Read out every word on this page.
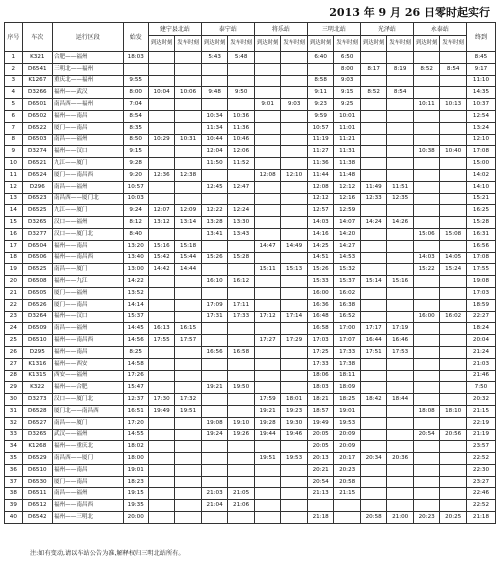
2013 年 9 月 26 日零时起实行
序号	车次	运行区段	始发	建宁县北站		泰宁站		将乐站		三明北站		光泽站		永泰站		终到
				到达时刻	发车时刻	到达时刻	发车时刻	到达时刻	发车时刻	到达时刻	发车时刻	到达时刻	发车时刻	到达时刻	发车时刻	
1	K321	合肥——福州	18:03			5:43	5:48			6:40	6:50					8:45
2	D6541	三明北——福州									8:00	8:17	8:19	8:52	8:54	9:17
3	K1267	重庆北——福州	9:55							8:58	9:03					11:10
4	D3266	福州——武汉	8:00	10:04	10:06	9:48	9:50			9:11	9:15	8:52	8:54			14:35
5	D6501	南昌西——福州	7:04					9:01	9:03	9:23	9:25			10:11	10:13	10:37
6	D6502	福州——南昌	8:54			10:34	10:36			9:59	10:01					12:54
7	D6522	厦门——南昌	8:35			11:34	11:36			10:57	11:01					13:24
8	D6503	南昌——福州	8:50	10:29	10:31	10:44	10:46			11:19	11:21					12:10
9	D3274	福州——汉口	9:15			12:04	12:06			11:27	11:31			10:38	10:40	17:08
10	D6521	九江——厦门	9:28			11:50	11:52			11:36	11:38					15:00
11	D6524	厦门——南昌西	9:20	12:36	12:38			12:08	12:10	11:44	11:48					14:02
12	D296	南昌——福州	10:57			12:45	12:47			12:08	12:12	11:49	11:51			14:10
13	D6523	南昌西——厦门北	10:03							12:12	12:16	12:33	12:35			15:21
14	D6525	九江——厦门	9:24	12:07	12:09	12:22	12:24			12:57	12:59					16:25
15	D3265	汉口——福州	8:12	13:12	13:14	13:28	13:30			14:03	14:07	14:24	14:26			15:28
16	D3277	汉口——厦门北	8:40			13:41	13:43			14:16	14:20			15:06	15:08	16:31
17	D6504	福州——南昌	13:20	15:16	15:18			14:47	14:49	14:25	14:27					16:56
18	D6506	福州——南昌西	13:40	15:42	15:44	15:26	15:28			14:51	14:53			14:03	14:05	17:08
19	D6525	南昌——厦门	13:00	14:42	14:44			15:11	15:13	15:26	15:32			15:22	15:24	17:55
20	D6508	福州——九江	14:22			16:10	16:12			15:33	15:37	15:14	15:16			19:08
21	D6505	厦门——福州	13:52							16:00	16:02					17:03
22	D6526	厦门——南昌	14:14			17:09	17:11			16:36	16:38					18:59
23	D3264	福州——汉口	15:37			17:31	17:33	17:12	17:14	16:48	16:52			16:00	16:02	22:27
24	D6509	南昌——福州	14:45	16:13	16:15					16:58	17:00	17:17	17:19			18:24
25	D6510	福州——南昌西	14:56	17:55	17:57			17:27	17:29	17:03	17:07	16:44	16:46			20:04
26	D295	福州——南昌	8:25			16:56	16:58			17:25	17:33	17:51	17:53			21:24
27	K1316	福州——西安	14:58							17:33	17:38					21:03
28	K1315	西安——福州	17:26							18:06	18:11					21:46
29	K322	福州——合肥	15:47			19:21	19:50			18:03	18:09					7:50
30	D3273	汉口——厦门北	12:37	17:30	17:32			17:59	18:01	18:21	18:25	18:42	18:44			20:32
31	D6528	厦门北——南昌西	16:51	19:49	19:51			19:21	19:23	18:57	19:01			18:08	18:10	21:15
32	D6527	南昌——厦门	17:20			19:08	19:10	19:28	19:30	19:49	19:53					22:19
33	D3265	武汉——福州	14:55			19:24	19:26	19:44	19:46	20:05	20:09			20:54	20:56	21:19
34	K1268	福州——重庆北	18:02							20:05	20:09					23:57
35	D6529	南昌西——厦门	18:00					19:51	19:53	20:13	20:17	20:34	20:36			22:52
36	D6510	福州——南昌	19:01							20:21	20:23					22:30
37	D6530	厦门——南昌	18:23							20:54	20:58					23:27
38	D6511	南昌——福州	19:15			21:03	21:05			21:13	21:15					22:46
39	D6512	福州——南昌西	19:35			21:04	21:06									22:52
40	D6542	福州——三明北	20:00							21:18		20:58	21:00	20:23	20:25	21:18
注:如有变动,请以车站公告为准,解释权归三明北站所有。
